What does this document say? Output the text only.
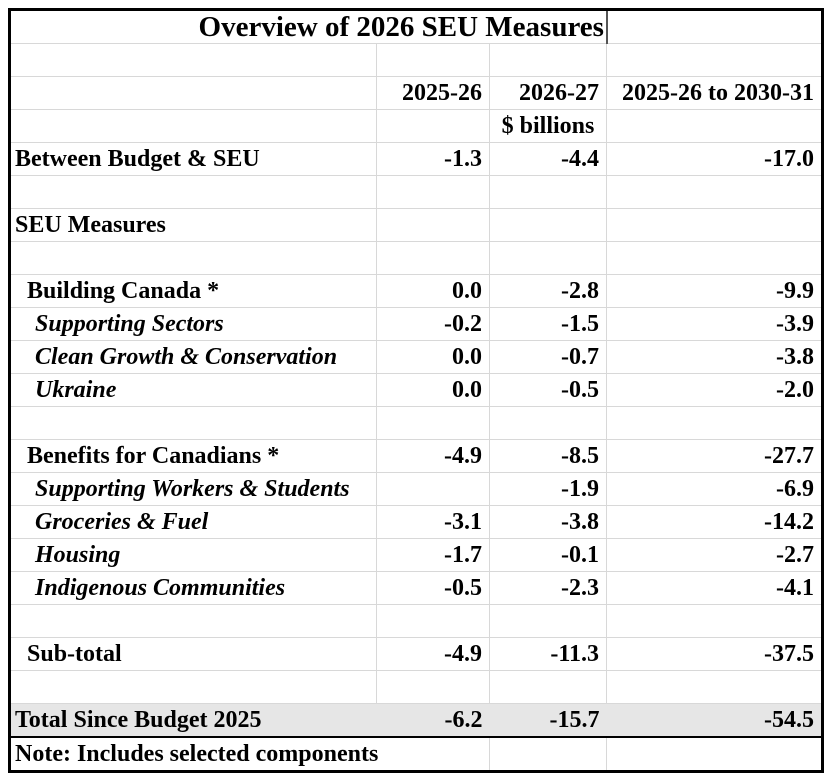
Overview of 2026 SEU Measures			

	2025-26	2026-27	2025-26 to 2030-31
		$ billions	
Between Budget & SEU	-1.3	-4.4	-17.0

SEU Measures			

Building Canada *	0.0	-2.8	-9.9
Supporting Sectors	-0.2	-1.5	-3.9
Clean Growth & Conservation	0.0	-0.7	-3.8
Ukraine	0.0	-0.5	-2.0

Benefits for Canadians *	-4.9	-8.5	-27.7
Supporting Workers & Students		-1.9	-6.9
Groceries & Fuel	-3.1	-3.8	-14.2
Housing	-1.7	-0.1	-2.7
Indigenous Communities	-0.5	-2.3	-4.1

Sub-total	-4.9	-11.3	-37.5

Total Since Budget 2025	-6.2	-15.7	-54.5
Note: Includes selected components			
